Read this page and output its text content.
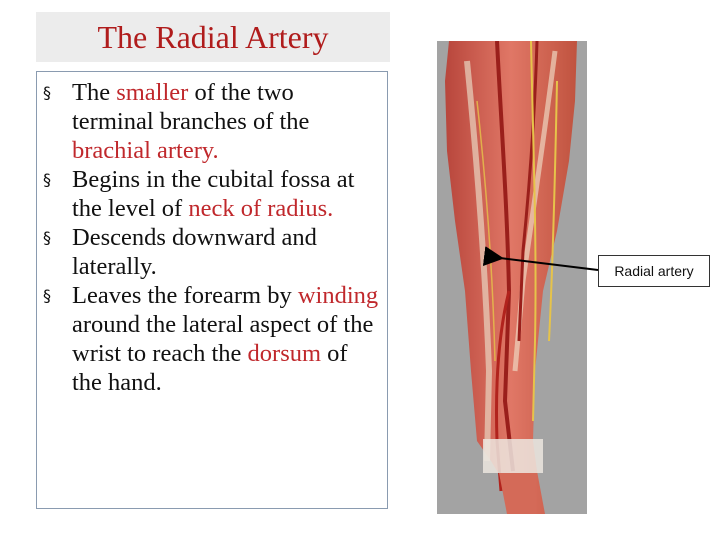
The Radial Artery
§ The smaller of the two terminal branches of the brachial artery.
§ Begins in the cubital fossa at the level of neck of radius.
§ Descends downward and laterally.
§ Leaves the forearm by winding around the lateral aspect of the wrist to reach the dorsum of the hand.
Radial artery
